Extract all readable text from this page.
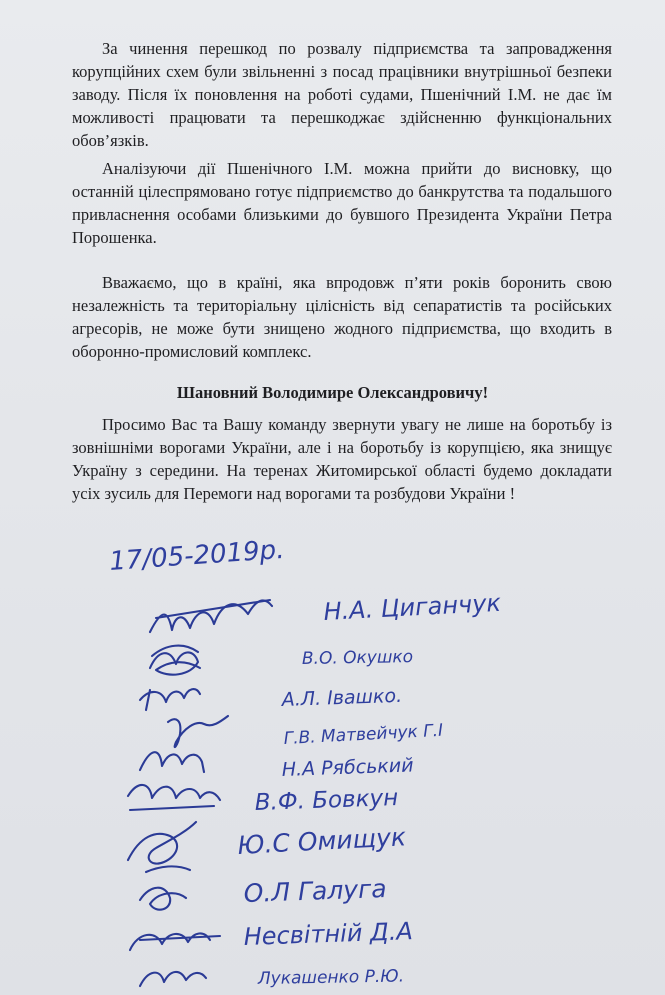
За чинення перешкод по розвалу підприємства та запровадження корупційних схем були звільненні з посад працівники внутрішньої безпеки заводу. Після їх поновлення на роботі судами, Пшенічний І.М. не дає їм можливості працювати та перешкоджає здійсненню функціональних обов’язків.

Аналізуючи дії Пшенічного І.М. можна прийти до висновку, що останній цілеспрямовано готує підприємство до банкрутства та подальшого привласнення особами близькими до бувшого Президента України Петра Порошенка.

Вважаємо, що в країні, яка впродовж п’яти років боронить свою незалежність та територіальну цілісність від сепаратистів та російських агресорів, не може бути знищено жодного підприємства, що входить в оборонно-промисловий комплекс.

Шановний Володимире Олександровичу!

Просимо Вас та Вашу команду звернути увагу не лише на боротьбу із зовнішніми ворогами України, але і на боротьбу із корупцією, яка знищує Україну з середини. На теренах Житомирської області будемо докладати усіх зусиль для Перемоги над ворогами та розбудови України !

17/05-2019р.
Н.А. Циганчук
В.О. Окушко
А.Л. Івашко.
Г.В. Матвейчук Г.І
Н.А Рябський
В.Ф. Бовкун
Ю.С Омищук
О.Л Галуга
Несвітній Д.А
Лукашенко Р.Ю.
